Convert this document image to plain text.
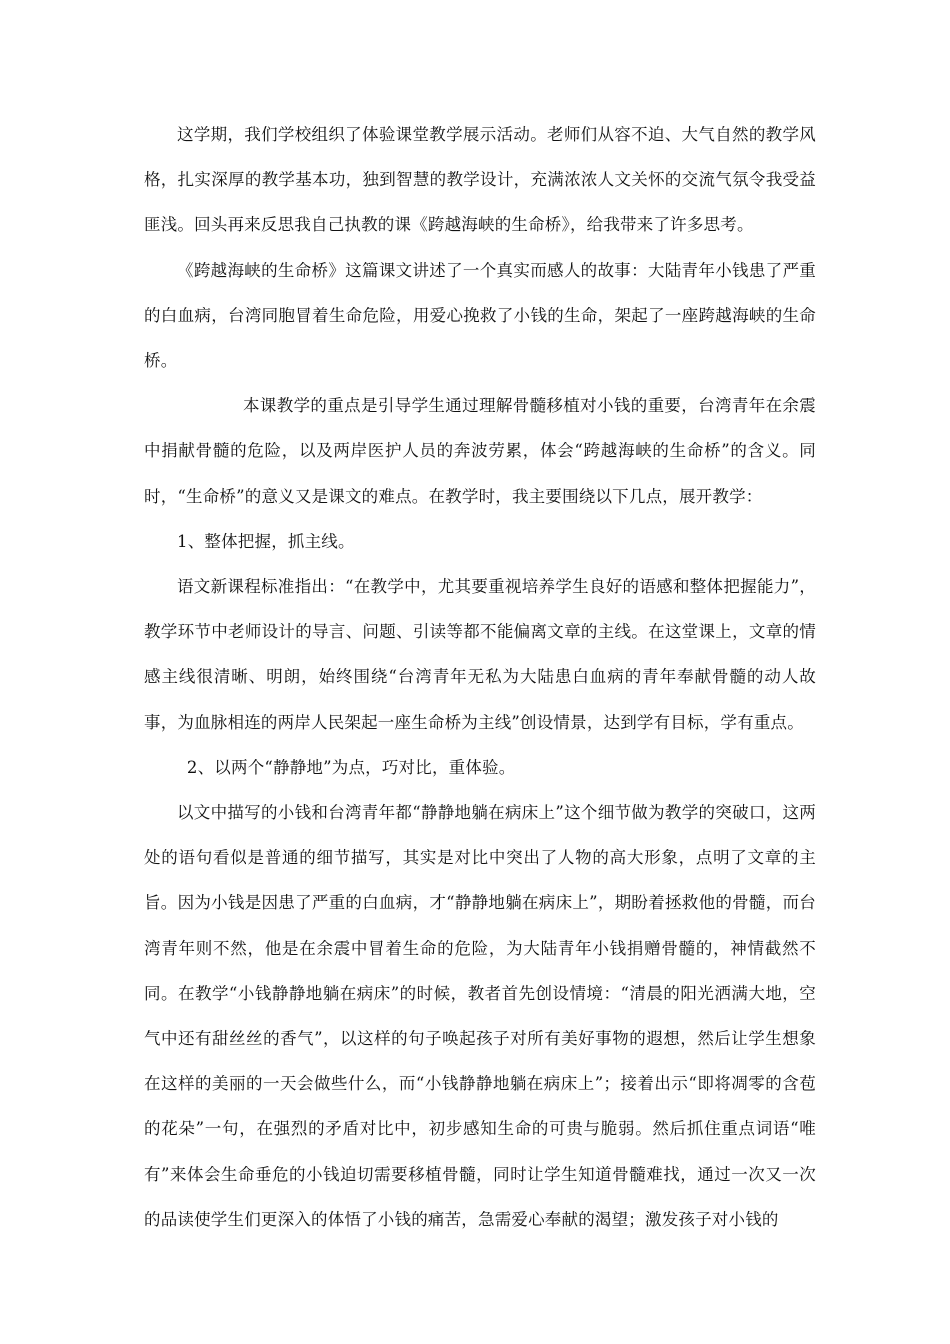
这学期，我们学校组织了体验课堂教学展示活动。老师们从容不迫、大气自然的教学风格，扎实深厚的教学基本功，独到智慧的教学设计，充满浓浓人文关怀的交流气氛令我受益匪浅。回头再来反思我自己执教的课《跨越海峡的生命桥》，给我带来了许多思考。

《跨越海峡的生命桥》这篇课文讲述了一个真实而感人的故事：大陆青年小钱患了严重的白血病，台湾同胞冒着生命危险，用爱心挽救了小钱的生命，架起了一座跨越海峡的生命桥。

本课教学的重点是引导学生通过理解骨髓移植对小钱的重要，台湾青年在余震中捐献骨髓的危险，以及两岸医护人员的奔波劳累，体会“跨越海峡的生命桥”的含义。同时，“生命桥”的意义又是课文的难点。在教学时，我主要围绕以下几点，展开教学：

1、整体把握，抓主线。

语文新课程标准指出：“在教学中，尤其要重视培养学生良好的语感和整体把握能力”，教学环节中老师设计的导言、问题、引读等都不能偏离文章的主线。在这堂课上，文章的情感主线很清晰、明朗，始终围绕“台湾青年无私为大陆患白血病的青年奉献骨髓的动人故事，为血脉相连的两岸人民架起一座生命桥为主线”创设情景，达到学有目标，学有重点。

2、以两个“静静地”为点，巧对比，重体验。

以文中描写的小钱和台湾青年都“静静地躺在病床上”这个细节做为教学的突破口，这两处的语句看似是普通的细节描写，其实是对比中突出了人物的高大形象，点明了文章的主旨。因为小钱是因患了严重的白血病，才“静静地躺在病床上”，期盼着拯救他的骨髓，而台湾青年则不然，他是在余震中冒着生命的危险，为大陆青年小钱捐赠骨髓的，神情截然不同。在教学“小钱静静地躺在病床”的时候，教者首先创设情境：“清晨的阳光洒满大地，空气中还有甜丝丝的香气”，以这样的句子唤起孩子对所有美好事物的遐想，然后让学生想象在这样的美丽的一天会做些什么，而“小钱静静地躺在病床上”；接着出示“即将凋零的含苞的花朵”一句，在强烈的矛盾对比中，初步感知生命的可贵与脆弱。然后抓住重点词语“唯有”来体会生命垂危的小钱迫切需要移植骨髓，同时让学生知道骨髓难找，通过一次又一次的品读使学生们更深入的体悟了小钱的痛苦，急需爱心奉献的渴望；激发孩子对小钱的
